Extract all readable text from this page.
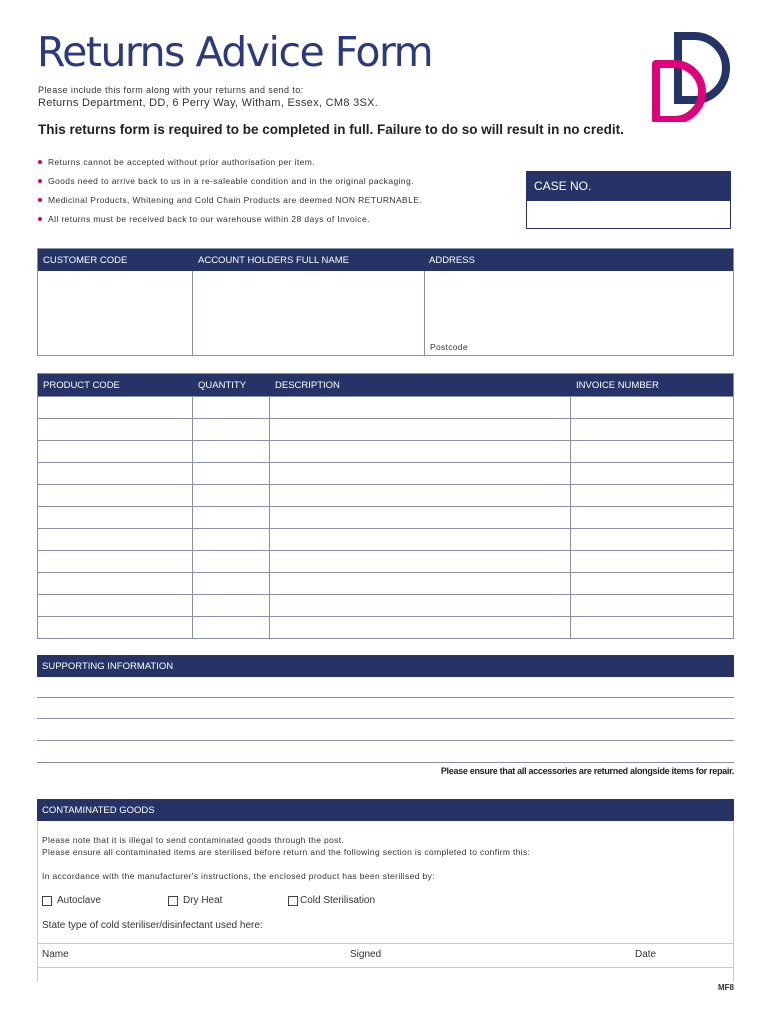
Returns Advice Form
Please include this form along with your returns and send to:
Returns Department, DD, 6 Perry Way, Witham, Essex, CM8 3SX.
This returns form is required to be completed in full. Failure to do so will result in no credit.
Returns cannot be accepted without prior authorisation per item.
Goods need to arrive back to us in a re-saleable condition and in the original packaging.
Medicinal Products, Whitening and Cold Chain Products are deemed NON RETURNABLE.
All returns must be received back to our warehouse within 28 days of Invoice.
CASE NO.
CUSTOMER CODE	ACCOUNT HOLDERS FULL NAME	ADDRESS
Postcode
PRODUCT CODE	QUANTITY	DESCRIPTION	INVOICE NUMBER
SUPPORTING INFORMATION
Please ensure that all accessories are returned alongside items for repair.
CONTAMINATED GOODS
Please note that it is illegal to send contaminated goods through the post.
Please ensure all contaminated items are sterilised before return and the following section is completed to confirm this:
In accordance with the manufacturer's instructions, the enclosed product has been sterilised by:
Autoclave	Dry Heat	Cold Sterilisation
State type of cold steriliser/disinfectant used here:
Name	Signed	Date
MF8
